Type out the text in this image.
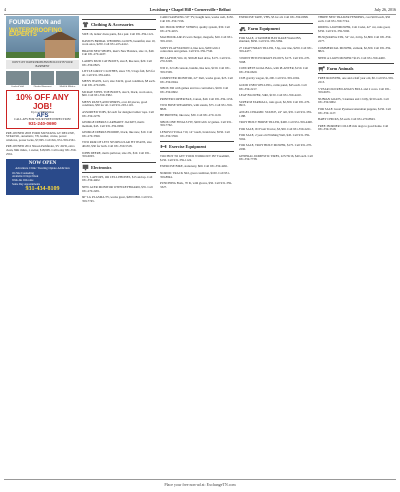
4	Lewisburg • Chapel Hill • Cornersville • Belfast	July 26, 2016
FOUNDATION and
WATERPROOFING EXPERTS
DON'T LET WATER PROBLEMS BUILD UP IN YOUR BASEMENT
Cracked Wall	Flooded Basement	Mold & Mildew
10% OFF ANY JOB!
Up to a $300 Value
AFS
CALL AFS FOR YOUR FREE INSPECTION!
931-240-0690
PRE-OWNED 2003 FORD MUSTANG GT DELUXE, STK#2321, automatic, V8, leather, cruise, power windows, power locks, $7,995. Call Jim, 931-359-2561.
PRE-OWNED 2012 Nissan Pathfinder, SV 4WD, extra clean, 84K miles, 1 owner, $18,995. Call today 931-359-2561.
NOW OPEN
Adventure Clinic Treating Opiate Addiction
• On Site Counseling
• Available 6 Days/Week
• Walk-Ins Welcome
• Same Day Appointments
931-434-8109
Clothing & Accessories
SIZE 16, ladies' dress pants, $4 a pair. Call 931-359-1121.
DAVID'S BRIDAL WEDDING GOWN, beautiful, size 10, worn once, $250. Call 931-225-4412.
BRAND NEW SHOES, men's New Balance, size 11, $40. Call 931-270-4437.
LADIES MUD CAT BOOTS, size 8, like new, $20. Call 931-359-0825.
LITTLE GIRLS' CLOTHES, sizes 7/8, 5 bags full, $25 for all. Call 931-359-4461.
MEN'S JEANS, Levi, size 34x32, good condition, $8 each. Call 931-270-0281.
MCRAE STEEL TOE BOOTS, size 9, black, worn once, $60. Call 931-359-3382.
MEN'S PANTS AND SHIRTS, over 40 pieces, good condition, $30 for all. Call 931-293-1145.
ASSORTED TOPS, $2 each for designer ladies' tops. Call 931-359-2278.
GEORGE DIERKS CARHARTT JACKET, men's medium, $45. Call 931-359-0090.
GEORGE DIERKS HOODIE, black, like new, $10. Call 931-270-3390.
TWO PAIR OF LEVI 505 REGULAR FIT JEANS, size 40x30, $30 for both. Call 931-359-5518.
JOHN DEERE, men's pullover, size 2X, $10. Call 931-359-6003.
Electronics
TV'S, LAPTOPS, OR CELL PHONES, $15 and up. Call 931-359-4402.
NEW ACER MONITOR WITH KEYBOARD, $35. Call 931-270-2201.
60" LG PLASMA TV, works great, $200 OBO. Call 931-359-7745.
CARD SAMSUNG 50" TV, bought new, works well, $150. Call 931-359-7196.
KIC BOOK SHELF STEREO, quality system, $30. Call 931-270-4455.
MACBOOK AIR 45 watt charger, magsafe, $20. Call 931-359-1010.
SONY PLAYSTATION 4, like new, $200 with 2 controllers and games. Call 931-359-7740.
HP LAPTOP, Win 10, 500GB hard drive, $175. Call 931-270-3228.
WII U, 32 GB console, bundle, like new, $150. Call 931-359-5509.
COMPUTER MONITOR, 22" Dell, works great, $25. Call 931-359-0044.
XBOX 360 with games and two controllers, $100. Call 931-359-6602.
PRINTER/COPIER/FAX, Canon, $40. Call 931-359-1156.
TWO BOSE SPEAKERS, with stands, $75. Call 931-359-8820.
HP PRINTER, like new, $30. Call 931-270-1120.
XBOX ONE FINALS FIT, $200 with 12 games. Call 931-359-7762.
LENOVO YOGA 710, 14" touch, brand new, $550. Call 931-359-5590.
Exercise Equipment
TOO HOT TO GET YOUR WORKOUT IN? Treadmill, $150. Call 931-359-1124.
EXERCISE BIKE, stationary, $60. Call 931-359-4491.
NORDIC TRACK SKI, great condition, $100. Call 931-359-8844.
PUNCHING BAG, 70 lb, with gloves, $50. Call 931-359-3327.
EXERCISE TAPE, VHS, $5 for all. Call 931-359-0098.
Farm Equipment
FOR SALE, 4 TANDEM HAY RAKE WAGONS, shielded, $950. Call 931-359-3384.
27 CRAFTSMAN TILLER, 5 hp, rear tine, $250. Call 931-359-4477.
3 POINT HITCH DRAWS PLOWS, $175. Call 931-270-5568.
CONCRETE GOAL BAG, with PLANTER, $150. Call 931-359-6620.
CUB gravity wagon, $1,200. Call 931-359-1004.
GOOD USED WELLING, cattle panel, $45 each. Call 931-359-2217.
LEAF BLOWER, Stihl, $150. Call 931-359-4410.
SUPER M FARMALL, runs good, $2,500. Call 931-270-9915.
ANGEL CERAMIC STATUE, 24" tall, $35. Call 931-359-1188.
TROY BUILT HORSE TILLER, $400. Call 931-359-4490.
FOR SALE, JD Front Tractor, $3,500. Call 931-359-2221.
FOR SALE, 2 year old Wishing Well, $45. Call 931-359-5562.
FOR SALE, TROY BUILT MOWER, $175. Call 931-270-2290.
GENERAL DOMESTIC TIRES, 225/70r16, $40 each. Call 931-359-7738.
THREE NEW TRAILER FENDERS, cost $100 each, $50 each. Call 931-359-7744.
RIDING LAWNMOWER, Cub Cadet, 42" cut, runs good, $350. Call 931-359-5560.
HUSQVARNA ZTR, 54" cut, 24 hp, $1,800. Call 931-359-2277.
COMMERCIAL MOWER, exmark, $2,500. Call 931-359-8821.
NEED A LAWN MOWER? $125. Call 931-359-4400.
Farm Animals
FREE ROOSTER, one and a half year old, $0. Call 931-359-2213.
5 YEAR OLD RED ANGUS BULL and 2 cows. Call 931-359-6655.
NUBIAN GOATS, 5 nannies and 1 billy, $150 each. Call 931-359-9902.
FOR SALE: Great Pyrenees/Anatolian puppies, $150. Call 931-359-1127.
BABY CHICKS, $3 each. Call 931-270-8843.
FREE: BORDER COLLIE mix dogs to good home. Call 931-359-3318.
Place your free non-ad at: ExchangeTN.com
